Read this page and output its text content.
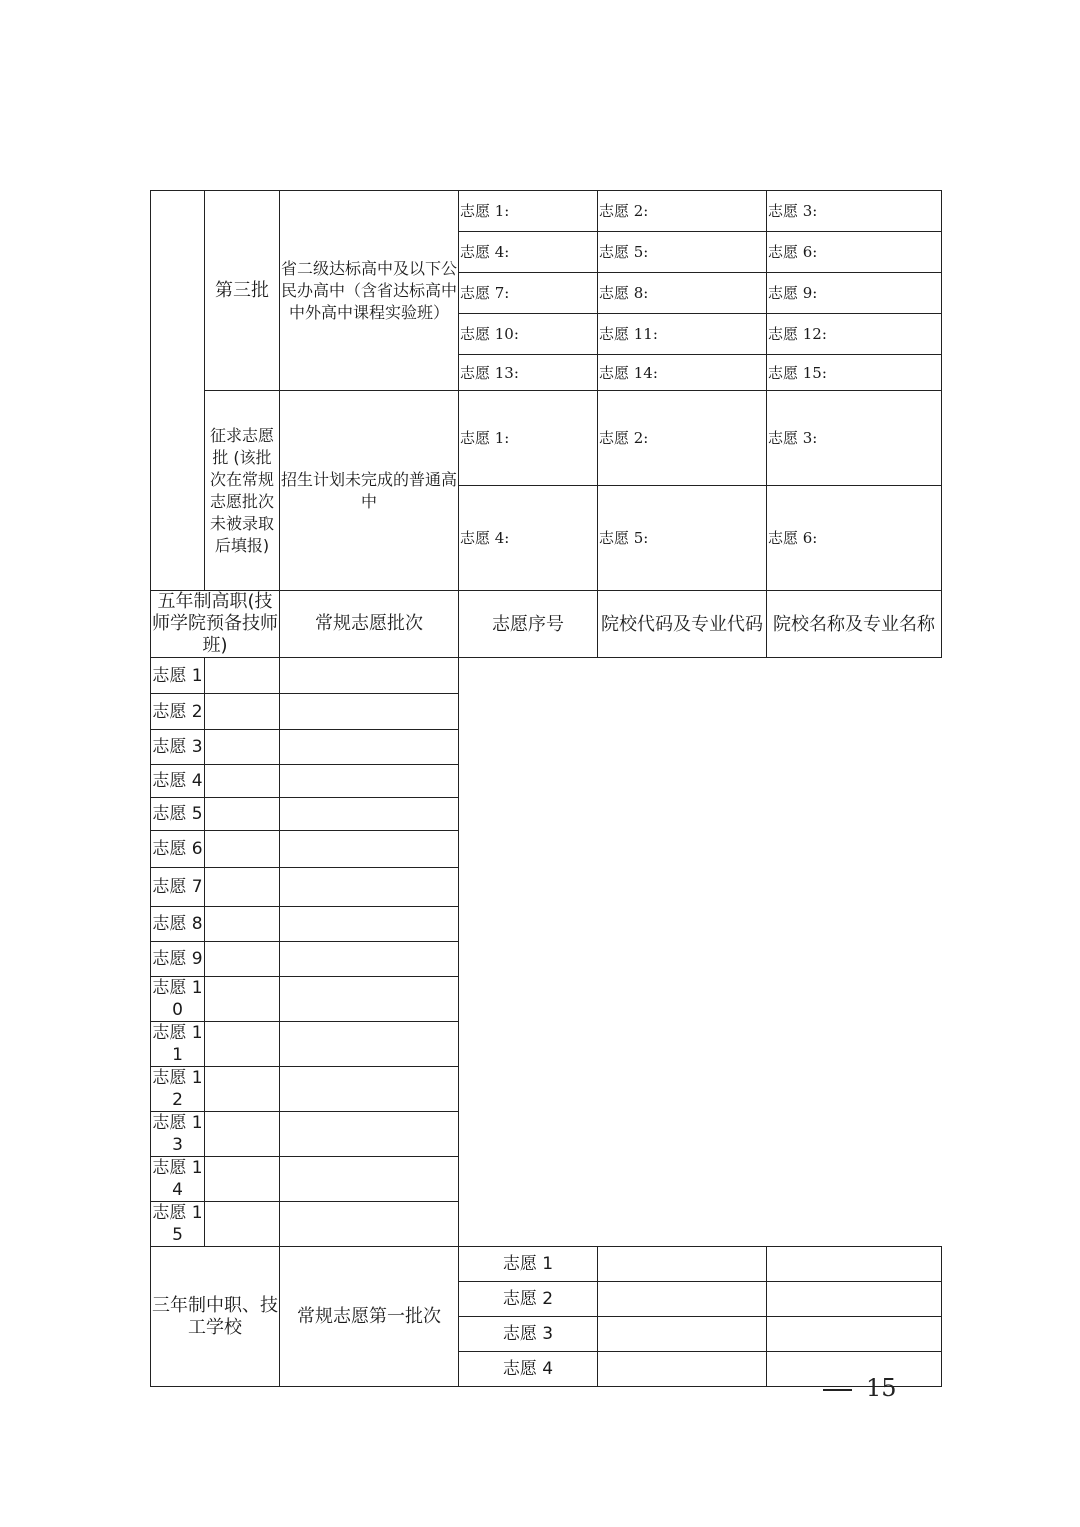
	第三批	省二级达标高中及以下公民办高中（含省达标高中中外高中课程实验班）	志愿 1:	志愿 2:	志愿 3:
			志愿 4:	志愿 5:	志愿 6:
			志愿 7:	志愿 8:	志愿 9:
			志愿 10:	志愿 11:	志愿 12:
			志愿 13:	志愿 14:	志愿 15:
	征求志愿批 (该批次在常规志愿批次未被录取后填报)	招生计划未完成的普通高中	志愿 1:	志愿 2:	志愿 3:
			志愿 4:	志愿 5:	志愿 6:
五年制高职(技师学院预备技师班)		常规志愿批次	志愿序号	院校代码及专业代码	院校名称及专业名称
志愿 1					
志愿 2					
志愿 3					
志愿 4					
志愿 5					
志愿 6					
志愿 7					
志愿 8					
志愿 9					
志愿 10					
志愿 11					
志愿 12					
志愿 13					
志愿 14					
志愿 15					
三年制中职、技工学校		常规志愿第一批次	志愿 1		
			志愿 2		
			志愿 3		
			志愿 4		
15
